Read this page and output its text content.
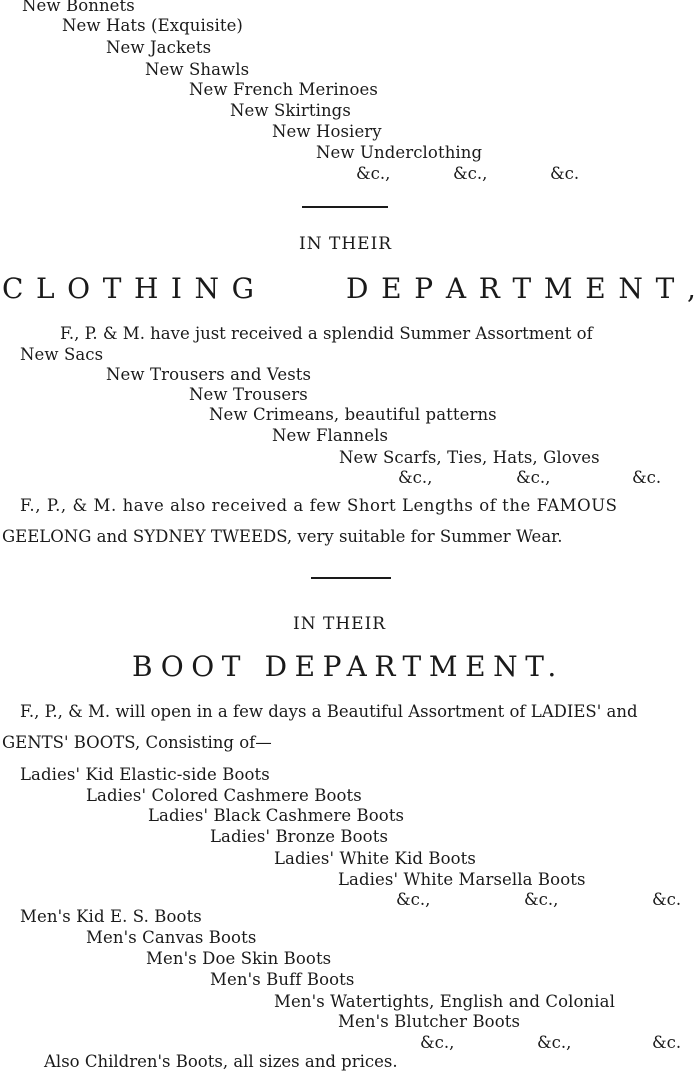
New Bonnets
New Hats (Exquisite)
New Jackets
New Shawls
New French Merinoes
New Skirtings
New Hosiery
New Underclothing
&c.,	&c.,	&c.
IN THEIR
C L O T H I N G	D E P A R T M E N T ,
F., P. & M. have just received a splendid Summer Assortment of
New Sacs
New Trousers and Vests
New Trousers
New Crimeans, beautiful patterns
New Flannels
New Scarfs, Ties, Hats, Gloves
&c.,	&c.,	&c.
F., P., & M. have also received a few Short Lengths of the FAMOUS
GEELONG and SYDNEY TWEEDS, very suitable for Summer Wear.
IN THEIR
BOOT DEPARTMENT.
F., P., & M. will open in a few days a Beautiful Assortment of LADIES' and
GENTS' BOOTS, Consisting of—
Ladies' Kid Elastic-side Boots
Ladies' Colored Cashmere Boots
Ladies' Black Cashmere Boots
Ladies' Bronze Boots
Ladies' White Kid Boots
Ladies' White Marsella Boots
&c.,	&c.,	&c.
Men's Kid E. S. Boots
Men's Canvas Boots
Men's Doe Skin Boots
Men's Buff Boots
Men's Watertights, English and Colonial
Men's Blutcher Boots
&c.,	&c.,	&c.
Also Children's Boots, all sizes and prices.
